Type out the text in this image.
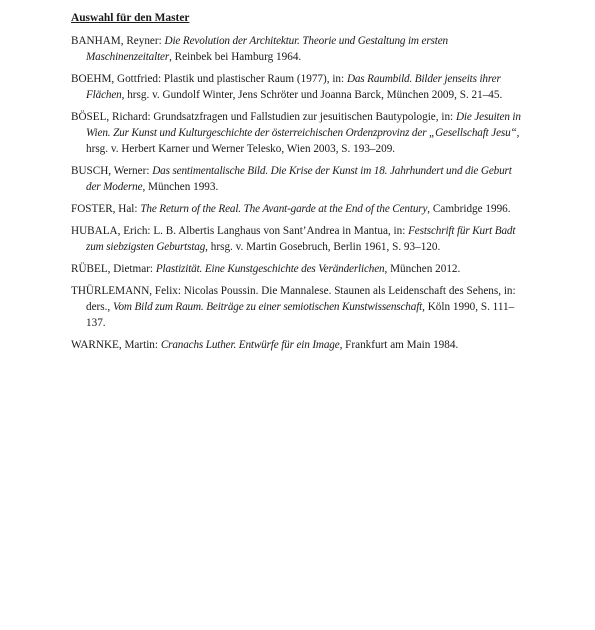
Auswahl für den Master
BANHAM, Reyner: Die Revolution der Architektur. Theorie und Gestaltung im ersten Maschinenzeitalter, Reinbek bei Hamburg 1964.
BOEHM, Gottfried: Plastik und plastischer Raum (1977), in: Das Raumbild. Bilder jenseits ihrer Flächen, hrsg. v. Gundolf Winter, Jens Schröter und Joanna Barck, München 2009, S. 21–45.
BÖSEL, Richard: Grundsatzfragen und Fallstudien zur jesuitischen Bautypologie, in: Die Jesuiten in Wien. Zur Kunst und Kulturgeschichte der österreichischen Ordenzprovinz der „Gesellschaft Jesu“, hrsg. v. Herbert Karner und Werner Telesko, Wien 2003, S. 193–209.
BUSCH, Werner: Das sentimentalische Bild. Die Krise der Kunst im 18. Jahrhundert und die Geburt der Moderne, München 1993.
FOSTER, Hal: The Return of the Real. The Avant-garde at the End of the Century, Cambridge 1996.
HUBALA, Erich: L. B. Albertis Langhaus von Sant’Andrea in Mantua, in: Festschrift für Kurt Badt zum siebzigsten Geburtstag, hrsg. v. Martin Gosebruch, Berlin 1961, S. 93–120.
RÜBEL, Dietmar: Plastizität. Eine Kunstgeschichte des Veränderlichen, München 2012.
THÜRLEMANN, Felix: Nicolas Poussin. Die Mannalese. Staunen als Leidenschaft des Sehens, in: ders., Vom Bild zum Raum. Beiträge zu einer semiotischen Kunstwissenschaft, Köln 1990, S. 111–137.
WARNKE, Martin: Cranachs Luther. Entwürfe für ein Image, Frankfurt am Main 1984.
